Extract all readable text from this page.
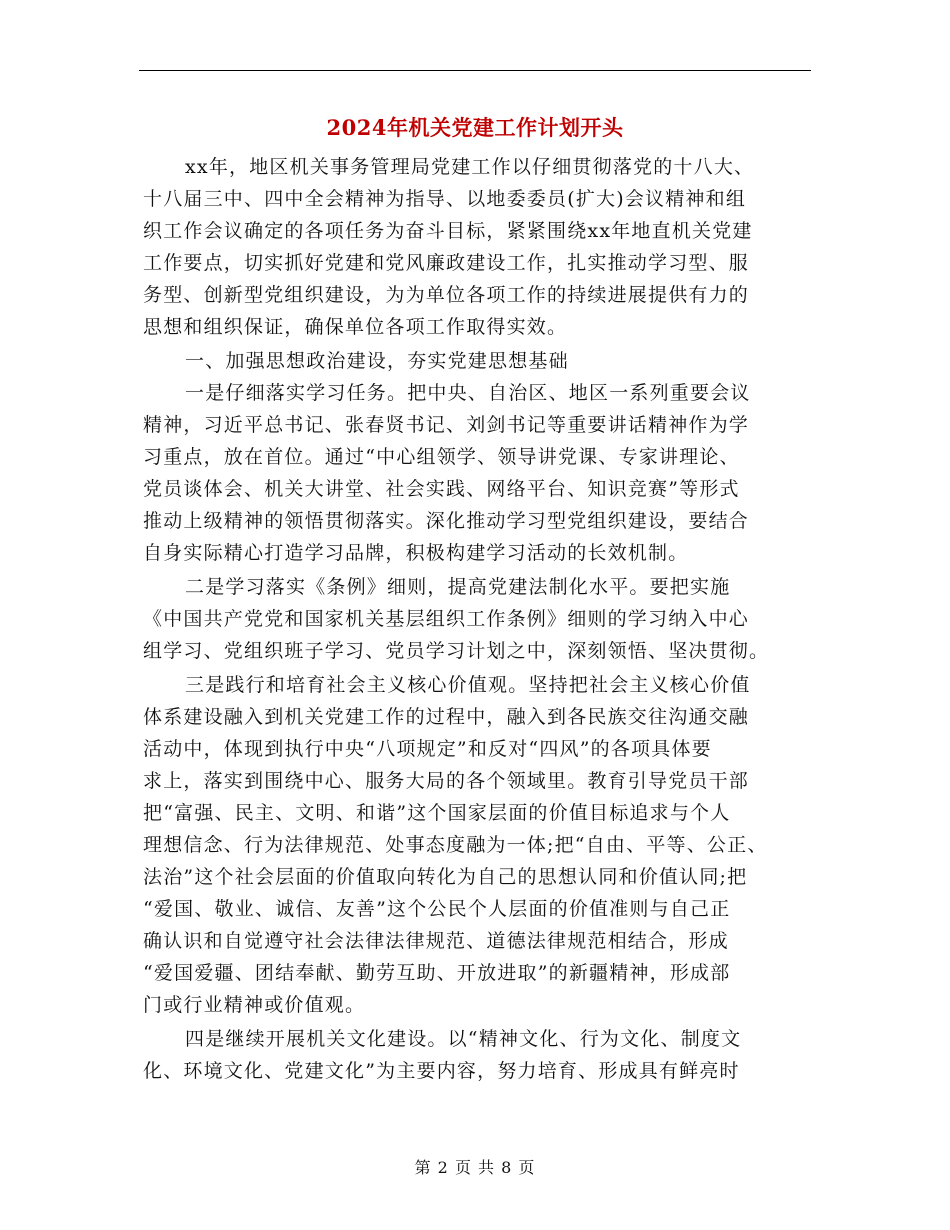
2024年机关党建工作计划开头
xx年，地区机关事务管理局党建工作以仔细贯彻落党的十八大、
十八届三中、四中全会精神为指导、以地委委员(扩大)会议精神和组
织工作会议确定的各项任务为奋斗目标，紧紧围绕xx年地直机关党建
工作要点，切实抓好党建和党风廉政建设工作，扎实推动学习型、服
务型、创新型党组织建设，为为单位各项工作的持续进展提供有力的
思想和组织保证，确保单位各项工作取得实效。
一、加强思想政治建设，夯实党建思想基础
一是仔细落实学习任务。把中央、自治区、地区一系列重要会议
精神，习近平总书记、张春贤书记、刘剑书记等重要讲话精神作为学
习重点，放在首位。通过“中心组领学、领导讲党课、专家讲理论、
党员谈体会、机关大讲堂、社会实践、网络平台、知识竞赛”等形式
推动上级精神的领悟贯彻落实。深化推动学习型党组织建设，要结合
自身实际精心打造学习品牌，积极构建学习活动的长效机制。
二是学习落实《条例》细则，提高党建法制化水平。要把实施
《中国共产党党和国家机关基层组织工作条例》细则的学习纳入中心
组学习、党组织班子学习、党员学习计划之中，深刻领悟、坚决贯彻。
三是践行和培育社会主义核心价值观。坚持把社会主义核心价值
体系建设融入到机关党建工作的过程中，融入到各民族交往沟通交融
活动中，体现到执行中央“八项规定”和反对“四风”的各项具体要
求上，落实到围绕中心、服务大局的各个领域里。教育引导党员干部
把“富强、民主、文明、和谐”这个国家层面的价值目标追求与个人
理想信念、行为法律规范、处事态度融为一体;把“自由、平等、公正、
法治”这个社会层面的价值取向转化为自己的思想认同和价值认同;把
“爱国、敬业、诚信、友善”这个公民个人层面的价值准则与自己正
确认识和自觉遵守社会法律法律规范、道德法律规范相结合，形成
“爱国爱疆、团结奉献、勤劳互助、开放进取”的新疆精神，形成部
门或行业精神或价值观。
四是继续开展机关文化建设。以“精神文化、行为文化、制度文
化、环境文化、党建文化”为主要内容，努力培育、形成具有鲜亮时
第 2 页 共 8 页
